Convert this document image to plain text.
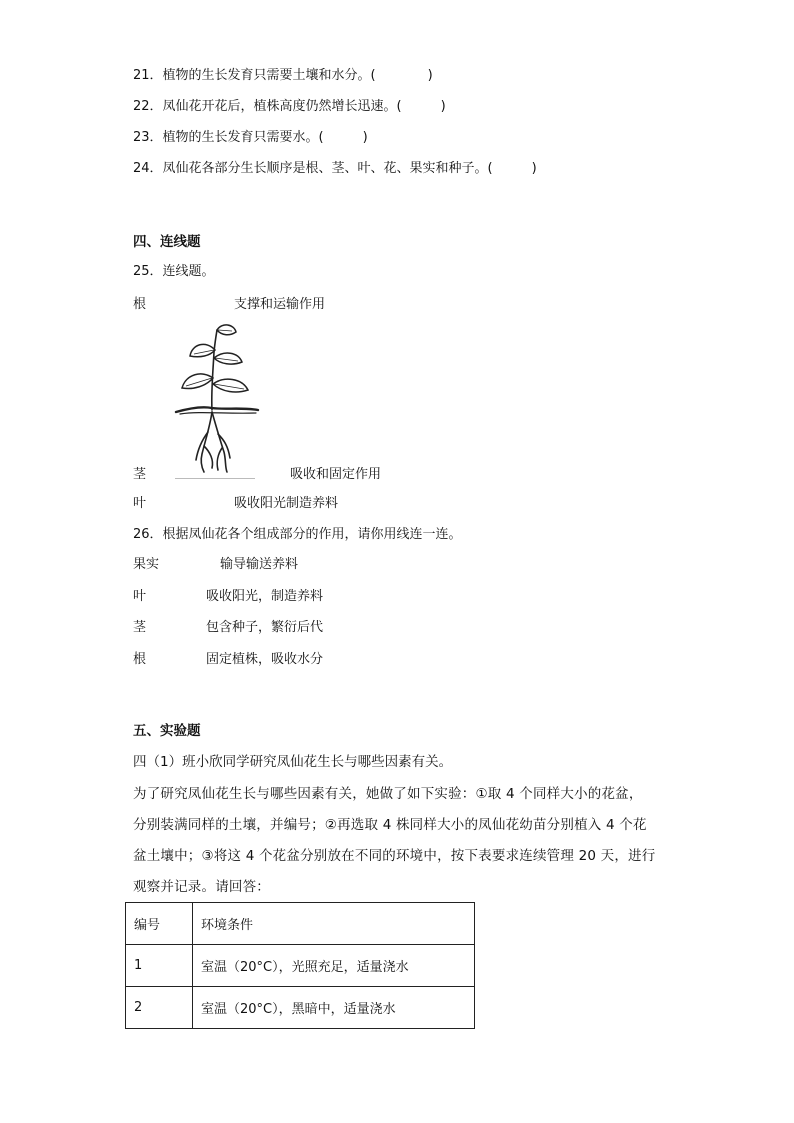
21．植物的生长发育只需要土壤和水分。(　　　　)
22．凤仙花开花后，植株高度仍然增长迅速。(　　　)
23．植物的生长发育只需要水。(　　　)
24．凤仙花各部分生长顺序是根、茎、叶、花、果实和种子。(　　　)
四、连线题
25．连线题。
根	支撑和运输作用
茎	吸收和固定作用
叶	吸收阳光制造养料
26．根据凤仙花各个组成部分的作用，请你用线连一连。
果实	输导输送养料
叶	吸收阳光，制造养料
茎	包含种子，繁衍后代
根	固定植株，吸收水分
五、实验题
四（1）班小欣同学研究凤仙花生长与哪些因素有关。
为了研究凤仙花生长与哪些因素有关，她做了如下实验：①取 4 个同样大小的花盆，
分别装满同样的土壤，并编号；②再选取 4 株同样大小的凤仙花幼苗分别植入 4 个花
盆土壤中；③将这 4 个花盆分别放在不同的环境中，按下表要求连续管理 20 天，进行
观察并记录。请回答：
编号	环境条件
1	室温（20°C），光照充足，适量浇水
2	室温（20°C），黑暗中，适量浇水
